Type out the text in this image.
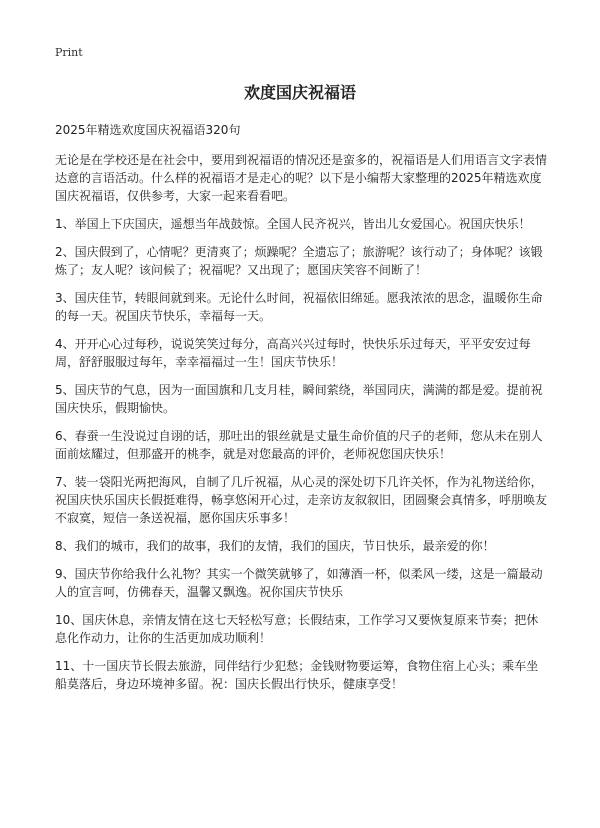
Print
欢度国庆祝福语

2025年精选欢度国庆祝福语320句

无论是在学校还是在社会中，要用到祝福语的情况还是蛮多的，祝福语是人们用语言文字表情达意的言语活动。什么样的祝福语才是走心的呢？以下是小编帮大家整理的2025年精选欢度国庆祝福语，仅供参考，大家一起来看看吧。

1、举国上下庆国庆，遥想当年战鼓惊。全国人民齐祝兴，皆出儿女爱国心。祝国庆快乐！

2、国庆假到了，心情呢？更清爽了；烦躁呢？全遗忘了；旅游呢？该行动了；身体呢？该锻炼了；友人呢？该问候了；祝福呢？又出现了；愿国庆笑容不间断了！

3、国庆佳节，转眼间就到来。无论什么时间，祝福依旧绵延。愿我浓浓的思念，温暖你生命的每一天。祝国庆节快乐，幸福每一天。

4、开开心心过每秒，说说笑笑过每分，高高兴兴过每时，快快乐乐过每天，平平安安过每周，舒舒服服过每年，幸幸福福过一生！国庆节快乐！

5、国庆节的气息，因为一面国旗和几支月桂，瞬间萦绕，举国同庆，满满的都是爱。提前祝国庆快乐，假期愉快。

6、春蚕一生没说过自诩的话，那吐出的银丝就是丈量生命价值的尺子的老师，您从未在别人面前炫耀过，但那盛开的桃李，就是对您最高的评价，老师祝您国庆快乐！

7、装一袋阳光两把海风，自制了几斤祝福，从心灵的深处切下几许关怀，作为礼物送给你，祝国庆快乐国庆长假挺难得，畅享悠闲开心过，走亲访友叙叙旧，团圆聚会真情多，呼朋唤友不寂寞，短信一条送祝福，愿你国庆乐事多！

8、我们的城市，我们的故事，我们的友情，我们的国庆，节日快乐，最亲爱的你！

9、国庆节你给我什么礼物？其实一个微笑就够了，如薄酒一杯，似柔风一缕，这是一篇最动人的宣言呵，仿佛春天，温馨又飘逸。祝你国庆节快乐

10、国庆休息，亲情友情在这七天轻松写意；长假结束，工作学习又要恢复原来节奏；把休息化作动力，让你的生活更加成功顺利！

11、十一国庆节长假去旅游，同伴结行少犯愁；金钱财物要运筹，食物住宿上心头；乘车坐船莫落后，身边环境神多留。祝：国庆长假出行快乐，健康享受！
